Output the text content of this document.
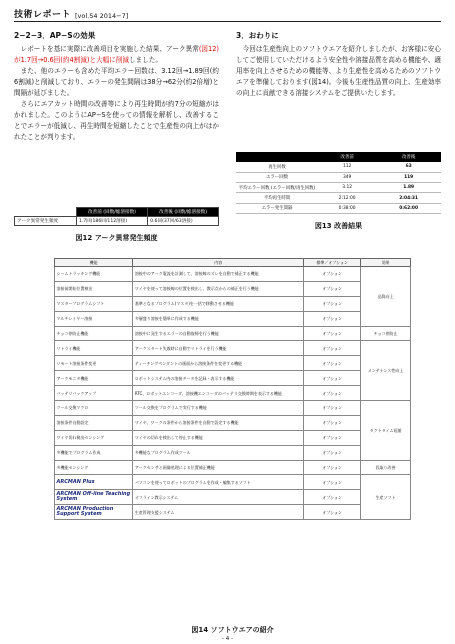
技術レポート [vol.54 2014−7]
2−2−3．AP−Sの効果

レポートを基に実際に改善項目を実施した結果、アーク異常(図12)が1.7回→0.6回(約4割減)と大幅に削減しました。

また、他のエラーも含めた平均エラー回数は、3.12回→1.89回(約6割減)と削減しており、エラーの発生間隔は38分→62分(約2倍増)と間隔が延びました。

さらにエアカット時間の改善等により再生時間が約7分の短縮がはかれました。このようにAP−Sを使っての情報を解析し、改善することでエラーが低減し、再生時間を短縮したことで生産性の向上がはかれたことが判ります。

3．おわりに

今回は生産性向上のソフトウエアを紹介しましたが、お客様に安心してご使用していただけるよう安全性や溶接品質を高める機能や、適用率を向上させるための機能等、より生産性を高めるためのソフトウエアを準備しております(図14)。今後も生産性品質の向上、生産効率の向上に貢献できる溶接システムをご提供いたします。

	改善前 (回数/総溶接数)	改善後 (回数/総溶接数)
アーク異常発生頻度	1.7回(186回/112溶接)	0.6回(37回/63溶接)
図12 アーク異常発生頻度
	改善前	改善後
再生回数	112	63
エラー回数	349	119
平均エラー回数 (エラー回数/再生回数)	3.12	1.89
平均再生時間	2:12:00	2:04:31
エラー発生間隔	0:38:00	0:62:00
図13 改善結果
機能	内容	標準／オプション	効果
シームトラッキング機能	溶接中のアーク電流を計測して、溶接線のズレを自動で補正する機能	オプション	品質向上
溶接前開始位置検出	ワイヤを使って溶接線の位置を検出し、教示点からの補正を行う機能	オプション	
マスタープログラムシフト	基準となるプログラム(マスタ)を一括で移動させる機能	オプション	
マルチレイヤー溶接	多層盛り溶接を簡単に作成する機能	オプション	
チョコ停防止機能	溶接中に発生するエラーの自動復帰を行う機能	オプション	チョコ停防止
リトライ機能	アークスタート失敗時に自動でリトライを行う機能	オプション	メンテナンス性向上
リモート溶接条件変更	ティーチングペンダントの画面から溶接条件を変更する機能	オプション	
アークモニタ機能	ロボットシステム内の溶接データを記録・表示する機能	オプション	
バッテリバックアップ	RTC、ロボットエンコーダ、溶接機エンコーダのバッテリ交換時期を表示する機能	オプション	
ツール交換マクロ	ツール交換をプログラムで実行する機能	オプション	タクトタイム短縮
溶接条件自動設定	ワイヤ、ワークの条件から溶接条件を自動で設定する機能	オプション	
ワイヤ切れ検出センシング	ワイヤの切れを検出して停止する機能	オプション	
多機能でプログラム作成	多機能なプログラム作成ツール	オプション	
多機能センシング	アークセンサと画像処理による位置補正機能	オプション	段取り改善
ARCMAN Plus	パソコンを使ってロボットのプログラムを作成・編集するソフト	オプション	生産ソフト
ARCMAN Off-line Teaching System	オフライン教示システム	オプション	
ARCMAN Production Support System	生産管理支援システム	オプション	
図14 ソフトウエアの紹介
- 4 -
